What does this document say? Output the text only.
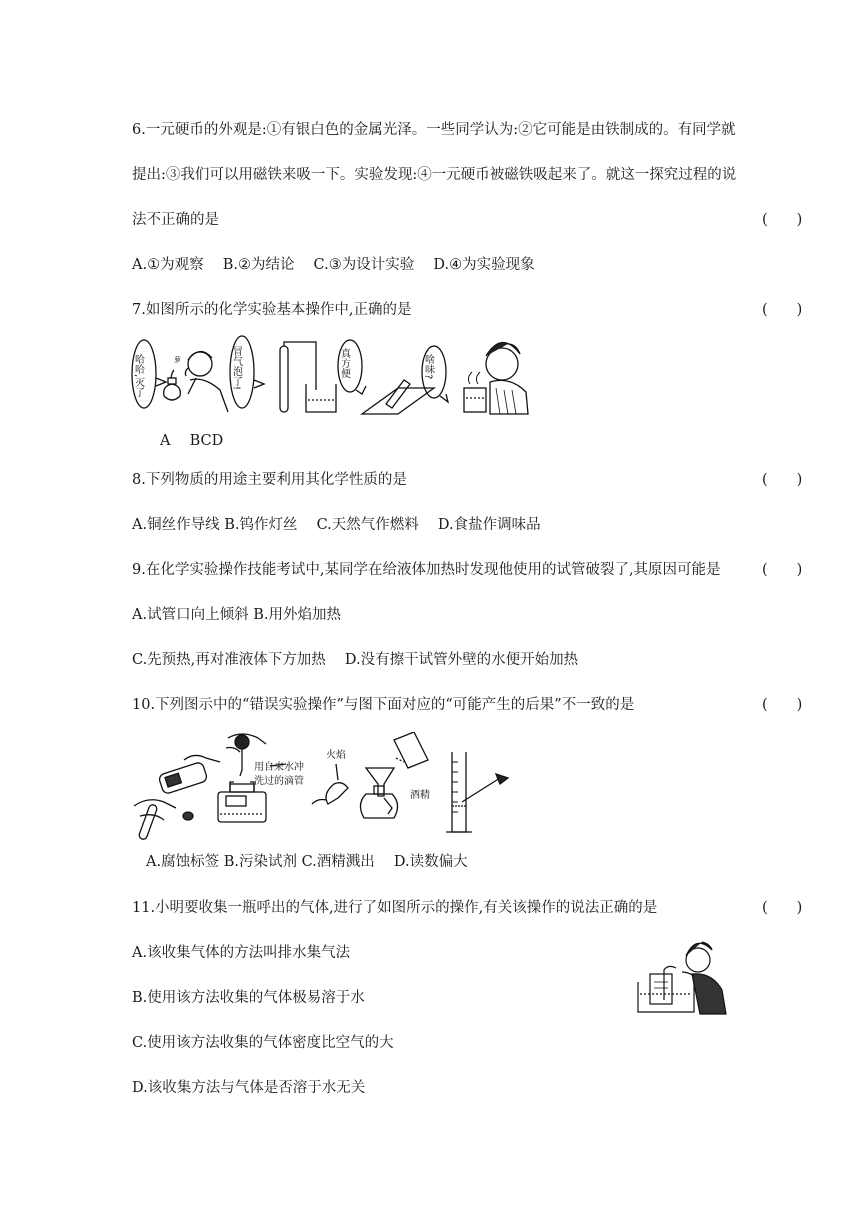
6.一元硬币的外观是:①有银白色的金属光泽。一些同学认为:②它可能是由铁制成的。有同学就
提出:③我们可以用磁铁来吸一下。实验发现:④一元硬币被磁铁吸起来了。就这一探究过程的说
法不正确的是	(　　)
A.①为观察　 B.②为结论　 C.③为设计实验　 D.④为实验现象
7.如图所示的化学实验基本操作中,正确的是	(　　)
哈哈,灭了	萝	冒气泡了!	真方便	啥味?
A　 BCD
8.下列物质的用途主要利用其化学性质的是	(　　)
A.铜丝作导线 B.钨作灯丝　 C.天然气作燃料　 D.食盐作调味品
9.在化学实验操作技能考试中,某同学在给液体加热时发现他使用的试管破裂了,其原因可能是	(　　)
A.试管口向上倾斜 B.用外焰加热
C.先预热,再对准液体下方加热　 D.没有擦干试管外壁的水便开始加热
10.下列图示中的“错误实验操作”与图下面对应的“可能产生的后果”不一致的是	(　　)
用自来水冲
洗过的滴管
火焰
酒精
A.腐蚀标签 B.污染试剂 C.酒精溅出　 D.读数偏大
11.小明要收集一瓶呼出的气体,进行了如图所示的操作,有关该操作的说法正确的是	(　　)
A.该收集气体的方法叫排水集气法
B.使用该方法收集的气体极易溶于水
C.使用该方法收集的气体密度比空气的大
D.该收集方法与气体是否溶于水无关
